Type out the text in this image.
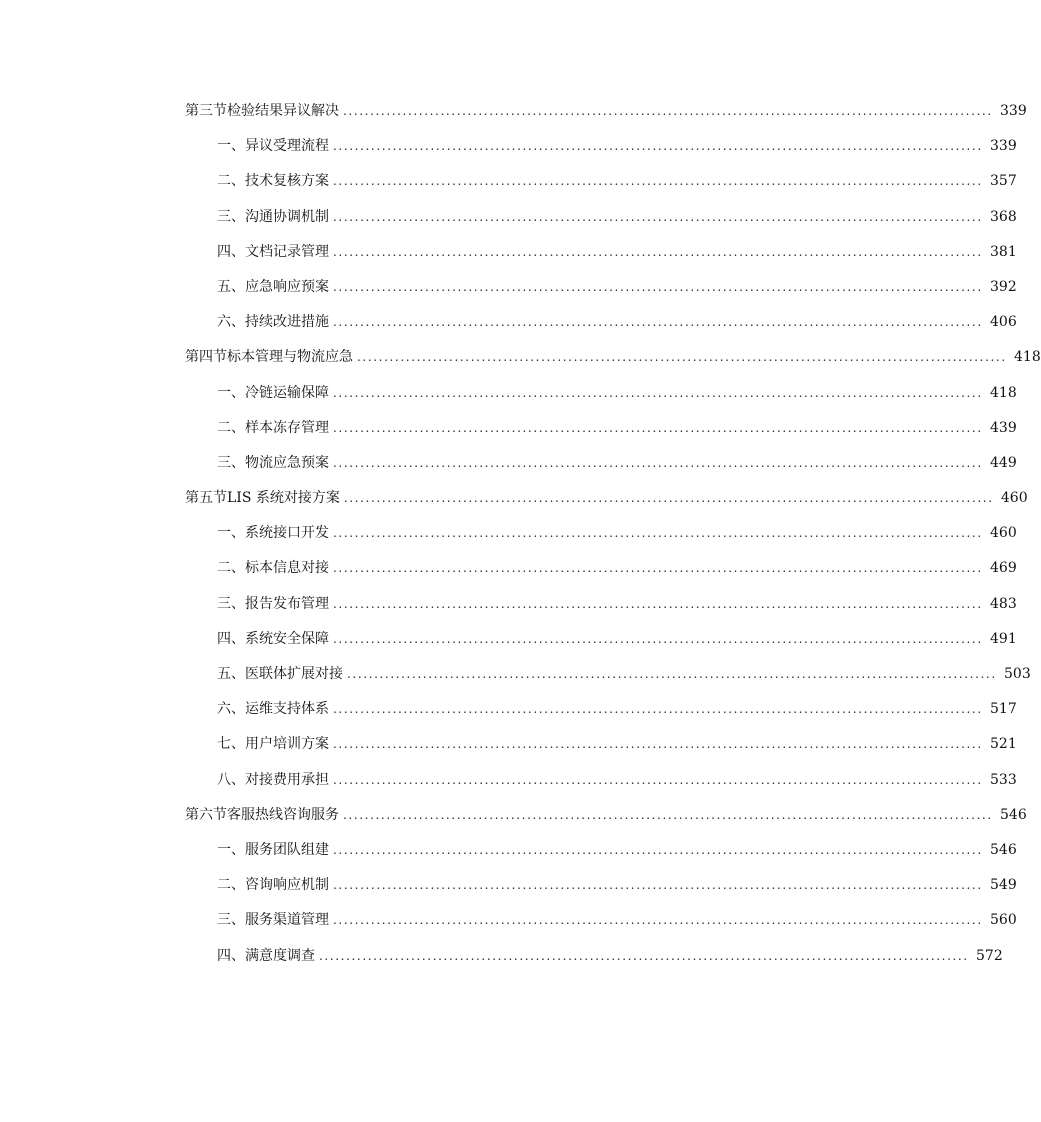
第三节 检验结果异议解决 ........................................................................................................................ 339
一、 异议受理流程 ........................................................................................................................ 339
二、 技术复核方案 ........................................................................................................................ 357
三、 沟通协调机制 ........................................................................................................................ 368
四、 文档记录管理 ........................................................................................................................ 381
五、 应急响应预案 ........................................................................................................................ 392
六、 持续改进措施 ........................................................................................................................ 406
第四节 标本管理与物流应急 ........................................................................................................................ 418
一、 冷链运输保障 ........................................................................................................................ 418
二、 样本冻存管理 ........................................................................................................................ 439
三、 物流应急预案 ........................................................................................................................ 449
第五节 LIS 系统对接方案 ........................................................................................................................ 460
一、 系统接口开发 ........................................................................................................................ 460
二、 标本信息对接 ........................................................................................................................ 469
三、 报告发布管理 ........................................................................................................................ 483
四、 系统安全保障 ........................................................................................................................ 491
五、 医联体扩展对接 ........................................................................................................................ 503
六、 运维支持体系 ........................................................................................................................ 517
七、 用户培训方案 ........................................................................................................................ 521
八、 对接费用承担 ........................................................................................................................ 533
第六节 客服热线咨询服务 ........................................................................................................................ 546
一、 服务团队组建 ........................................................................................................................ 546
二、 咨询响应机制 ........................................................................................................................ 549
三、 服务渠道管理 ........................................................................................................................ 560
四、 满意度调查 ........................................................................................................................ 572
